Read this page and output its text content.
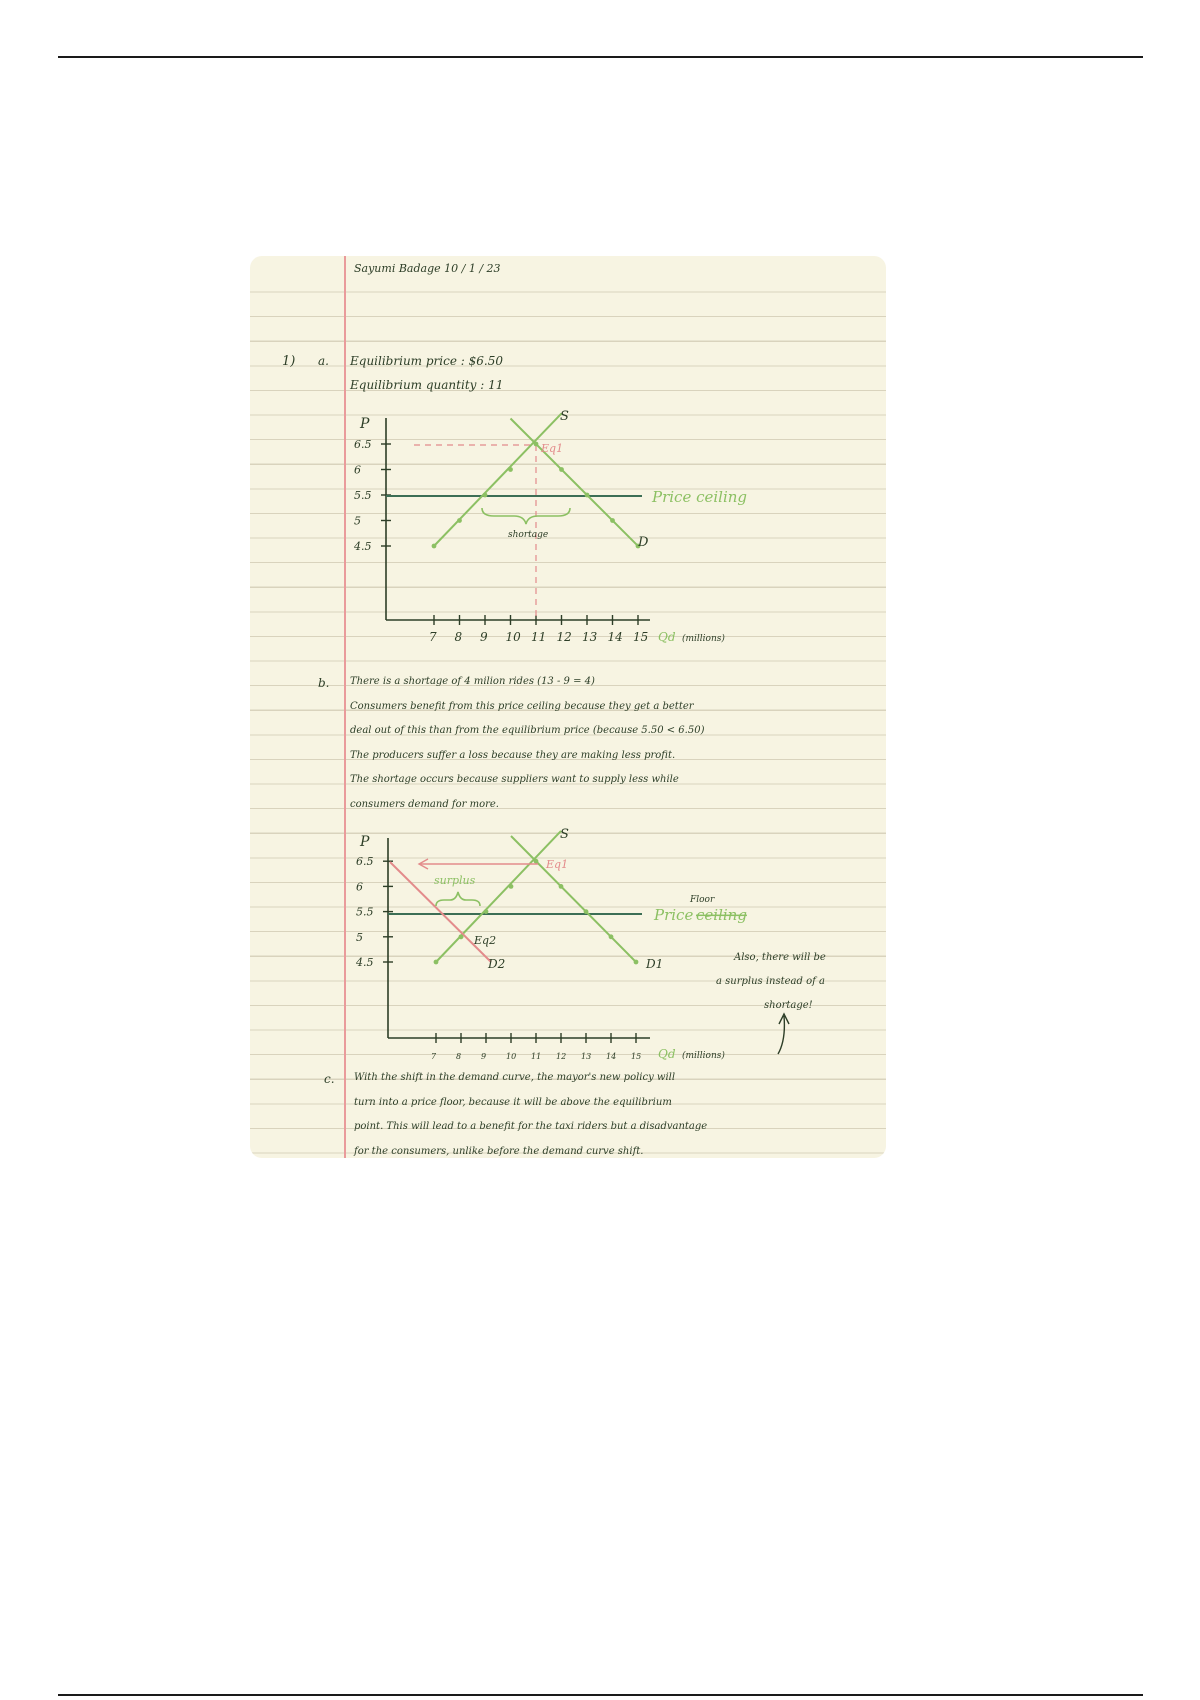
Sayumi Badage 10 / 1 / 23
1) a. Equilibrium price : $6.50
Equilibrium quantity : 11
P
6.5
6
5.5
5
4.5
7 8 9 10 11 12 13 14 15
S
D
Eq1
Price ceiling
shortage
Qd (millions)
b. There is a shortage of 4 milion rides (13 - 9 = 4)
Consumers benefit from this price ceiling because they get a better
deal out of this than from the equilibrium price (because 5.50 < 6.50)
The producers suffer a loss because they are making less profit.
The shortage occurs because suppliers want to supply less while
consumers demand for more.
P
6.5
6
5.5
5
4.5
7 8 9 10 11 12 13 14 15
surplus
S
D1
D2
Eq1
Eq2
Floor
Price ceiling
Qd (millions)
Also, there will be
a surplus instead of a
shortage!
c. With the shift in the demand curve, the mayor's new policy will
turn into a price floor, because it will be above the equilibrium
point. This will lead to a benefit for the taxi riders but a disadvantage
for the consumers, unlike before the demand curve shift.
